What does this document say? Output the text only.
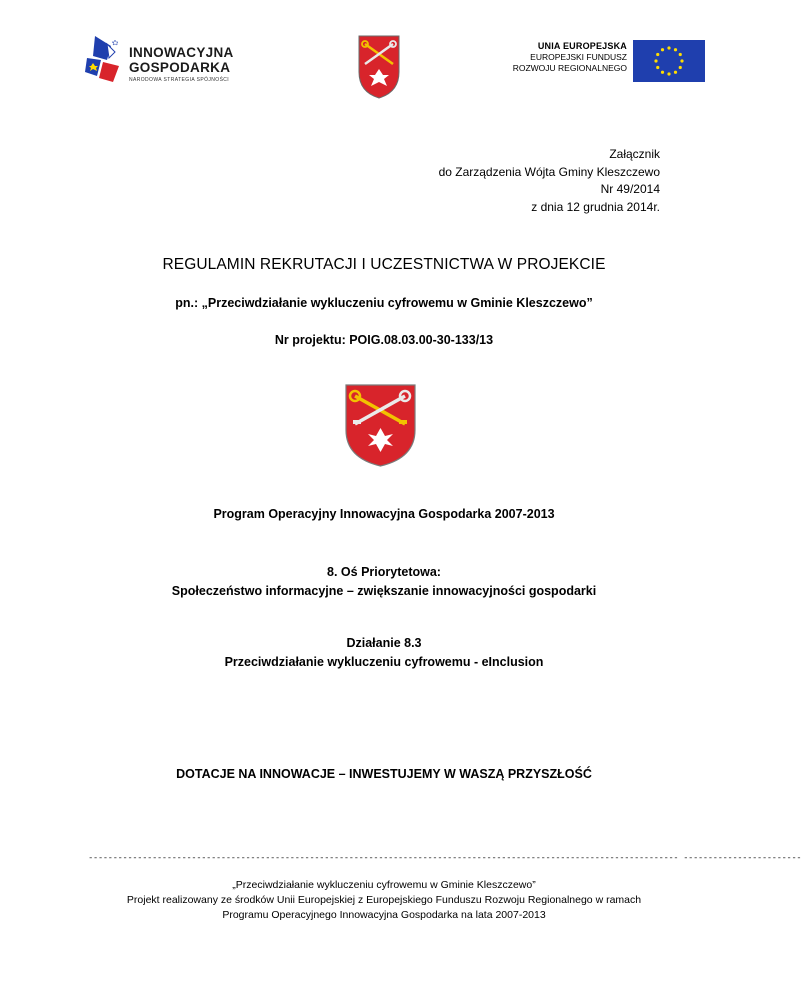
INNOWACYJNA
GOSPODARKA
NARODOWA STRATEGIA SPÓJNOŚCI
UNIA EUROPEJSKA
EUROPEJSKI FUNDUSZ
ROZWOJU REGIONALNEGO
Załącznik
do Zarządzenia Wójta Gminy Kleszczewo
Nr 49/2014
z dnia 12 grudnia 2014r.
REGULAMIN REKRUTACJI I UCZESTNICTWA W PROJEKCIE
pn.: „Przeciwdziałanie wykluczeniu cyfrowemu w Gminie Kleszczewo”
Nr projektu: POIG.08.03.00-30-133/13
Program Operacyjny Innowacyjna Gospodarka 2007-2013
8. Oś Priorytetowa:
Społeczeństwo informacyjne – zwiększanie innowacyjności gospodarki
Działanie 8.3
Przeciwdziałanie wykluczeniu cyfrowemu - eInclusion
DOTACJE NA INNOWACJE – INWESTUJEMY W WASZĄ PRZYSZŁOŚĆ
------------------------------------------------------------------------------------------------------------------------ ------------------------
„Przeciwdziałanie wykluczeniu cyfrowemu w Gminie Kleszczewo”
Projekt realizowany ze środków Unii Europejskiej z Europejskiego Funduszu Rozwoju Regionalnego w ramach
Programu Operacyjnego Innowacyjna Gospodarka na lata 2007-2013
